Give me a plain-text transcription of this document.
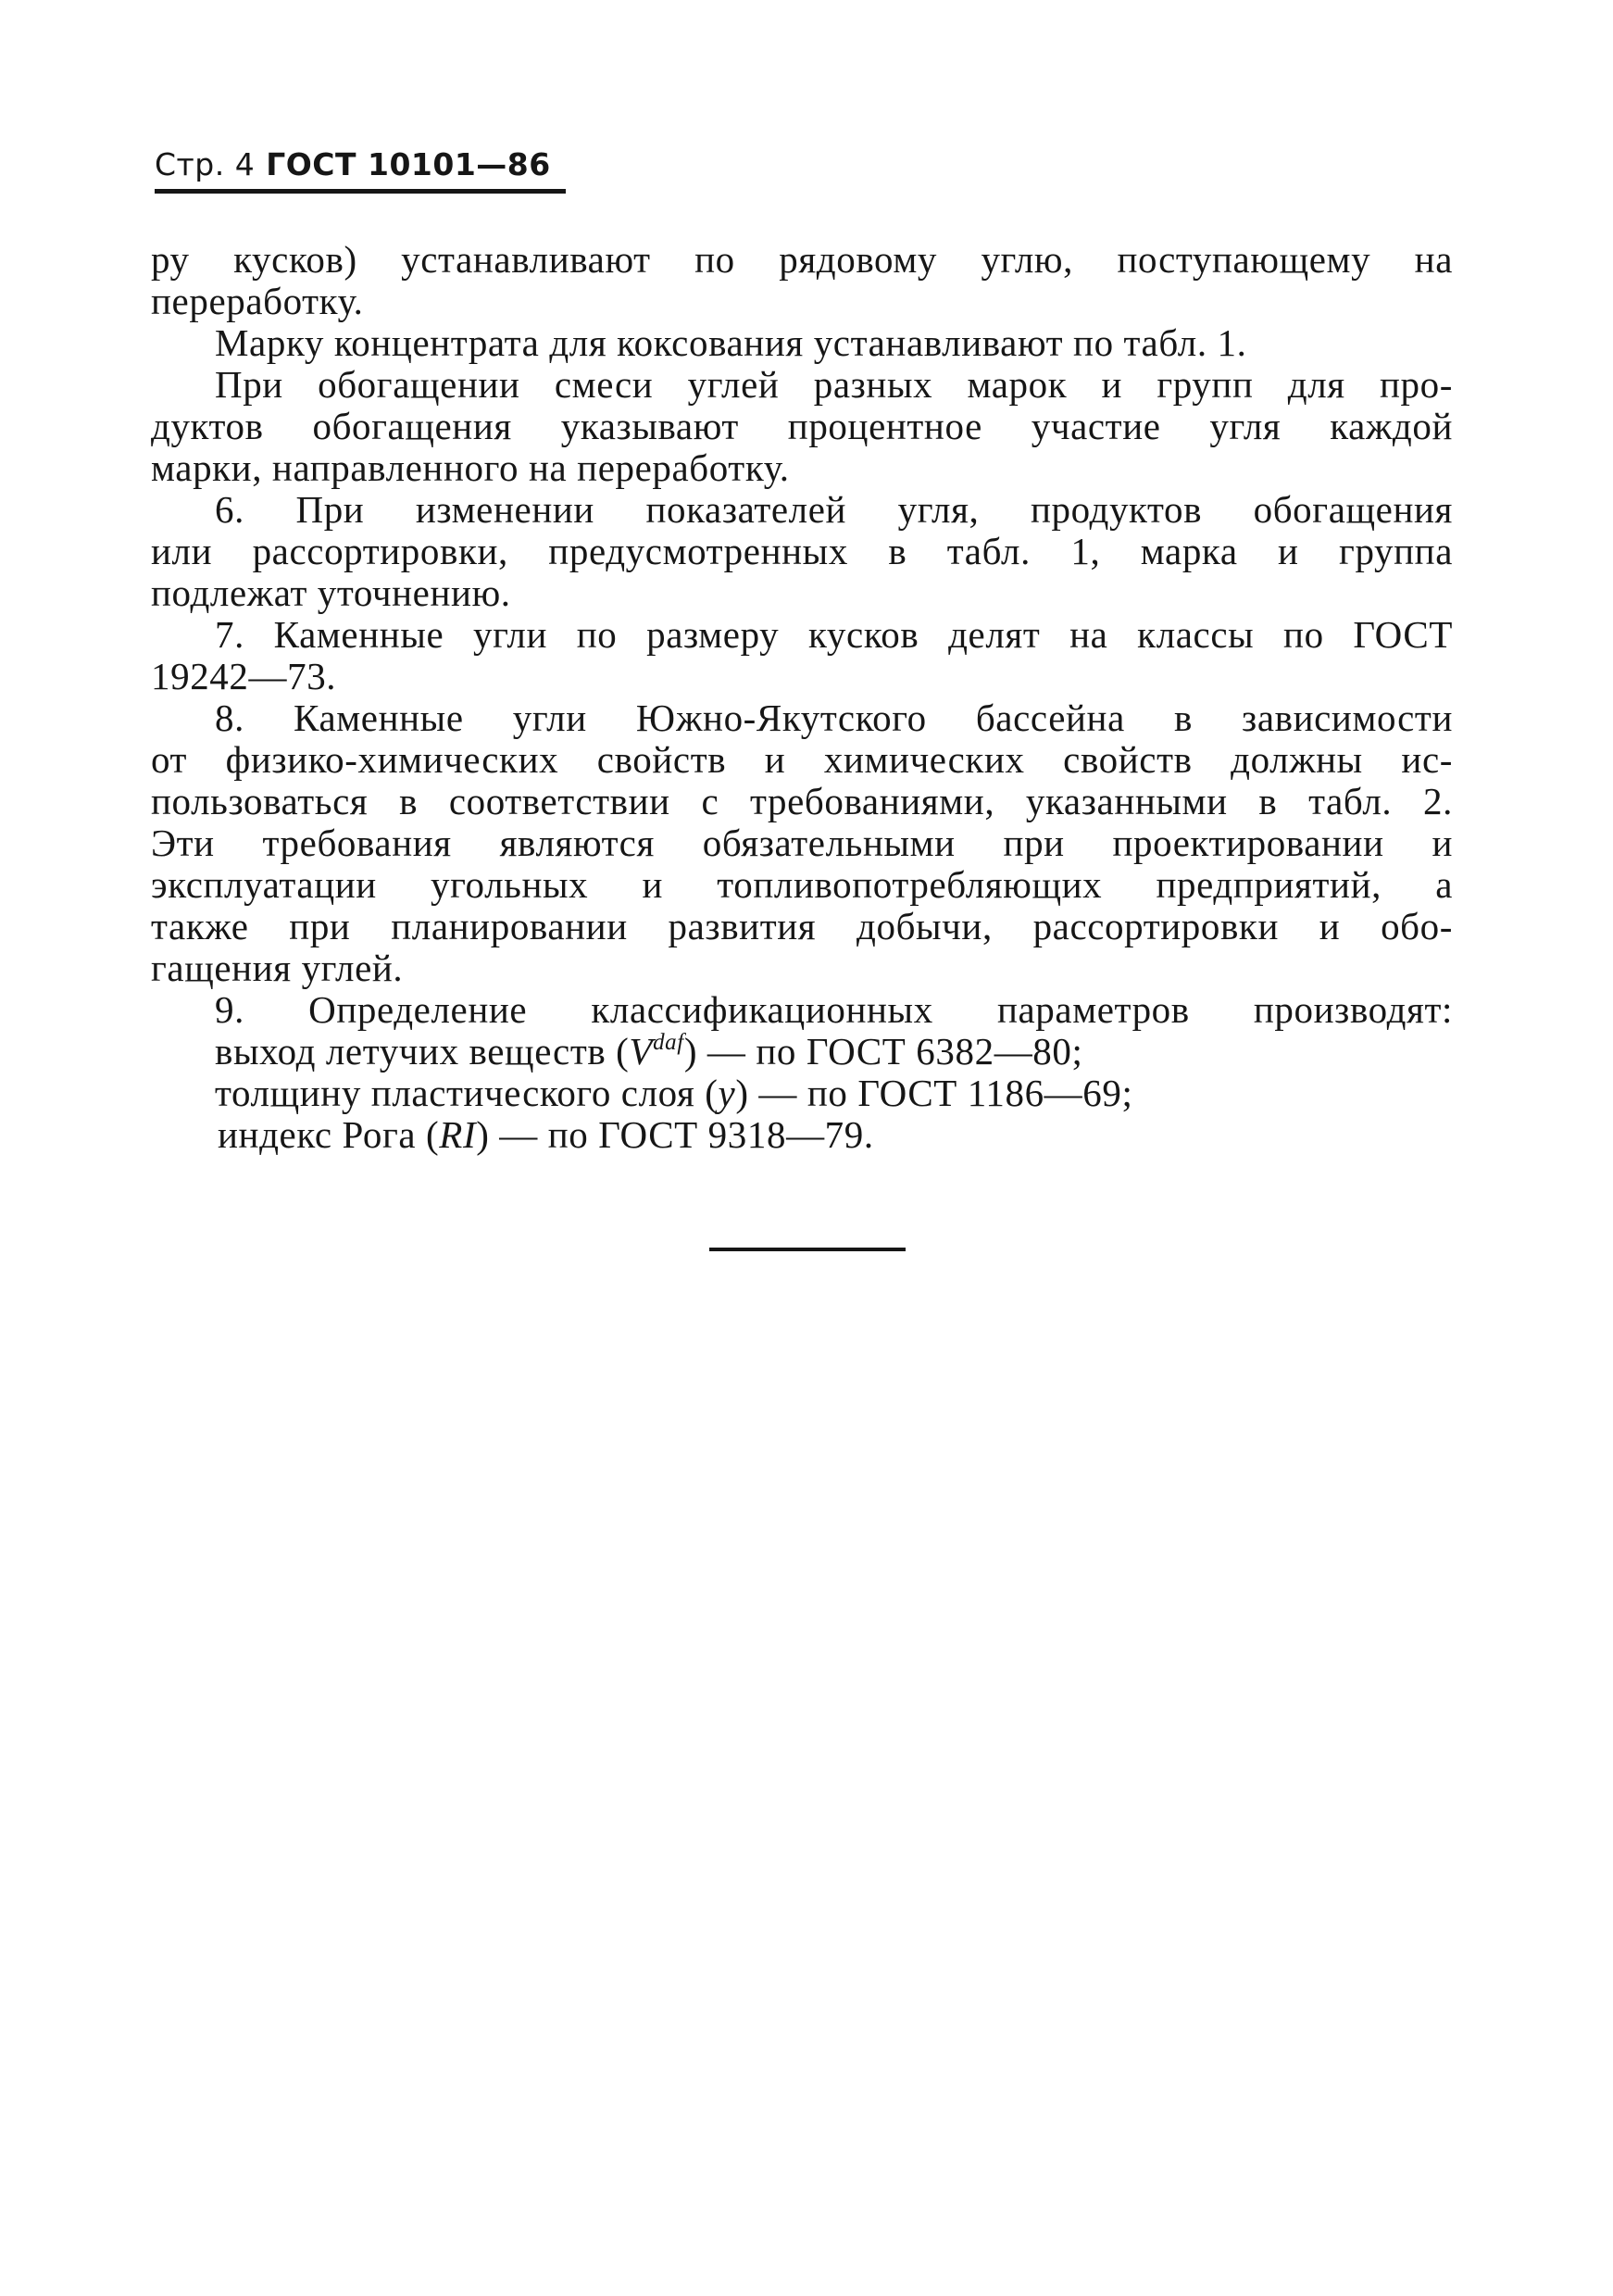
Стр. 4 ГОСТ 10101—86
ру кусков) устанавливают по рядовому углю, поступающему на
переработку.
Марку концентрата для коксования устанавливают по табл. 1.
При обогащении смеси углей разных марок и групп для про-
дуктов обогащения указывают процентное участие угля каждой
марки, направленного на переработку.
6. При изменении показателей угля, продуктов обогащения
или рассортировки, предусмотренных в табл. 1, марка и группа
подлежат уточнению.
7. Каменные угли по размеру кусков делят на классы по ГОСТ
19242—73.
8. Каменные угли Южно-Якутского бассейна в зависимости
от физико-химических свойств и химических свойств должны ис-
пользоваться в соответствии с требованиями, указанными в табл. 2.
Эти требования являются обязательными при проектировании и
эксплуатации угольных и топливопотребляющих предприятий, а
также при планировании развития добычи, рассортировки и обо-
гащения углей.
9. Определение классификационных параметров производят:
выход летучих веществ $(V^{daf})$ — по ГОСТ 6382—80;
толщину пластического слоя (y) — по ГОСТ 1186—69;
индекс Рога (RI) — по ГОСТ 9318—79.
